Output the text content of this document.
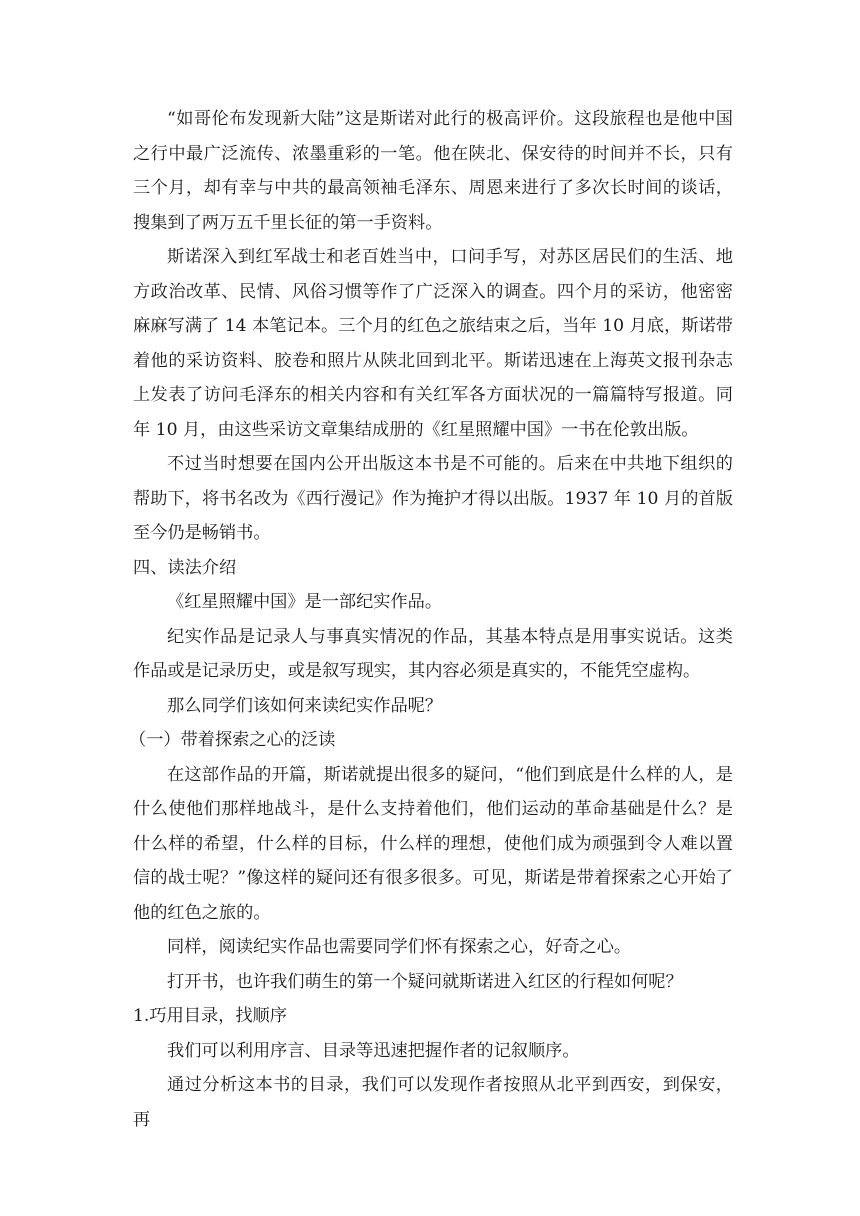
“如哥伦布发现新大陆”这是斯诺对此行的极高评价。这段旅程也是他中国之行中最广泛流传、浓墨重彩的一笔。他在陕北、保安待的时间并不长，只有三个月，却有幸与中共的最高领袖毛泽东、周恩来进行了多次长时间的谈话，搜集到了两万五千里长征的第一手资料。

斯诺深入到红军战士和老百姓当中，口问手写，对苏区居民们的生活、地方政治改革、民情、风俗习惯等作了广泛深入的调查。四个月的采访，他密密麻麻写满了 14 本笔记本。三个月的红色之旅结束之后，当年 10 月底，斯诺带着他的采访资料、胶卷和照片从陕北回到北平。斯诺迅速在上海英文报刊杂志上发表了访问毛泽东的相关内容和有关红军各方面状况的一篇篇特写报道。同年 10 月，由这些采访文章集结成册的《红星照耀中国》一书在伦敦出版。

不过当时想要在国内公开出版这本书是不可能的。后来在中共地下组织的帮助下，将书名改为《西行漫记》作为掩护才得以出版。1937 年 10 月的首版至今仍是畅销书。

四、读法介绍

《红星照耀中国》是一部纪实作品。

纪实作品是记录人与事真实情况的作品，其基本特点是用事实说话。这类作品或是记录历史，或是叙写现实，其内容必须是真实的，不能凭空虚构。

那么同学们该如何来读纪实作品呢？

（一）带着探索之心的泛读

在这部作品的开篇，斯诺就提出很多的疑问，“他们到底是什么样的人，是什么使他们那样地战斗，是什么支持着他们，他们运动的革命基础是什么？是什么样的希望，什么样的目标，什么样的理想，使他们成为顽强到令人难以置信的战士呢？”像这样的疑问还有很多很多。可见，斯诺是带着探索之心开始了他的红色之旅的。

同样，阅读纪实作品也需要同学们怀有探索之心，好奇之心。

打开书，也许我们萌生的第一个疑问就斯诺进入红区的行程如何呢？

1.巧用目录，找顺序

我们可以利用序言、目录等迅速把握作者的记叙顺序。

通过分析这本书的目录，我们可以发现作者按照从北平到西安，到保安，再
